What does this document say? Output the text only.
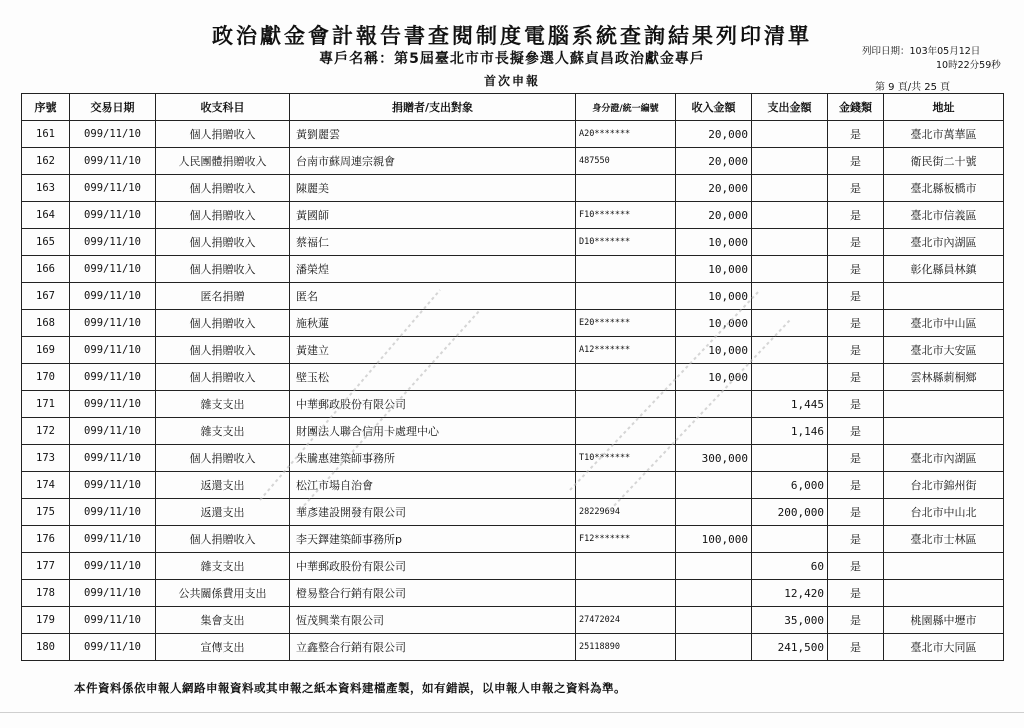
政治獻金會計報告書查閱制度電腦系統查詢結果列印清單
專戶名稱：第5屆臺北市市長擬參選人蘇貞昌政治獻金專戶
首次申報
列印日期：103年05月12日
10時22分59秒
第 9 頁/共 25 頁
序號	交易日期	收支科目	捐贈者/支出對象	身分證/統一編號	收入金額	支出金額	金錢類	地址
161	099/11/10	個人捐贈收入	黃劉麗雲	A20*******	20,000		是	臺北市萬華區
162	099/11/10	人民團體捐贈收入	台南市蘇周連宗親會	487550	20,000		是	衛民街二十號
163	099/11/10	個人捐贈收入	陳麗美		20,000		是	臺北縣板橋市
164	099/11/10	個人捐贈收入	黃國師	F10*******	20,000		是	臺北市信義區
165	099/11/10	個人捐贈收入	蔡福仁	D10*******	10,000		是	臺北市內湖區
166	099/11/10	個人捐贈收入	潘榮煌		10,000		是	彰化縣員林鎮
167	099/11/10	匿名捐贈	匿名		10,000		是	
168	099/11/10	個人捐贈收入	施秋蓮	E20*******	10,000		是	臺北市中山區
169	099/11/10	個人捐贈收入	黃建立	A12*******	10,000		是	臺北市大安區
170	099/11/10	個人捐贈收入	壁玉松		10,000		是	雲林縣莿桐鄉
171	099/11/10	雜支支出	中華郵政股份有限公司			1,445	是	
172	099/11/10	雜支支出	財團法人聯合信用卡處理中心			1,146	是	
173	099/11/10	個人捐贈收入	朱騰惠建築師事務所	T10*******	300,000		是	臺北市內湖區
174	099/11/10	返還支出	松江市場自治會			6,000	是	台北市錦州街
175	099/11/10	返還支出	華彥建設開發有限公司	28229694		200,000	是	台北市中山北
176	099/11/10	個人捐贈收入	李天鐸建築師事務所p	F12*******	100,000		是	臺北市士林區
177	099/11/10	雜支支出	中華郵政股份有限公司			60	是	
178	099/11/10	公共關係費用支出	橙易整合行銷有限公司			12,420	是	
179	099/11/10	集會支出	恆茂興業有限公司	27472024		35,000	是	桃園縣中壢市
180	099/11/10	宣傳支出	立鑫整合行銷有限公司	25118890		241,500	是	臺北市大同區
本件資料係依申報人網路申報資料或其申報之紙本資料建檔產製，如有錯誤，以申報人申報之資料為準。
